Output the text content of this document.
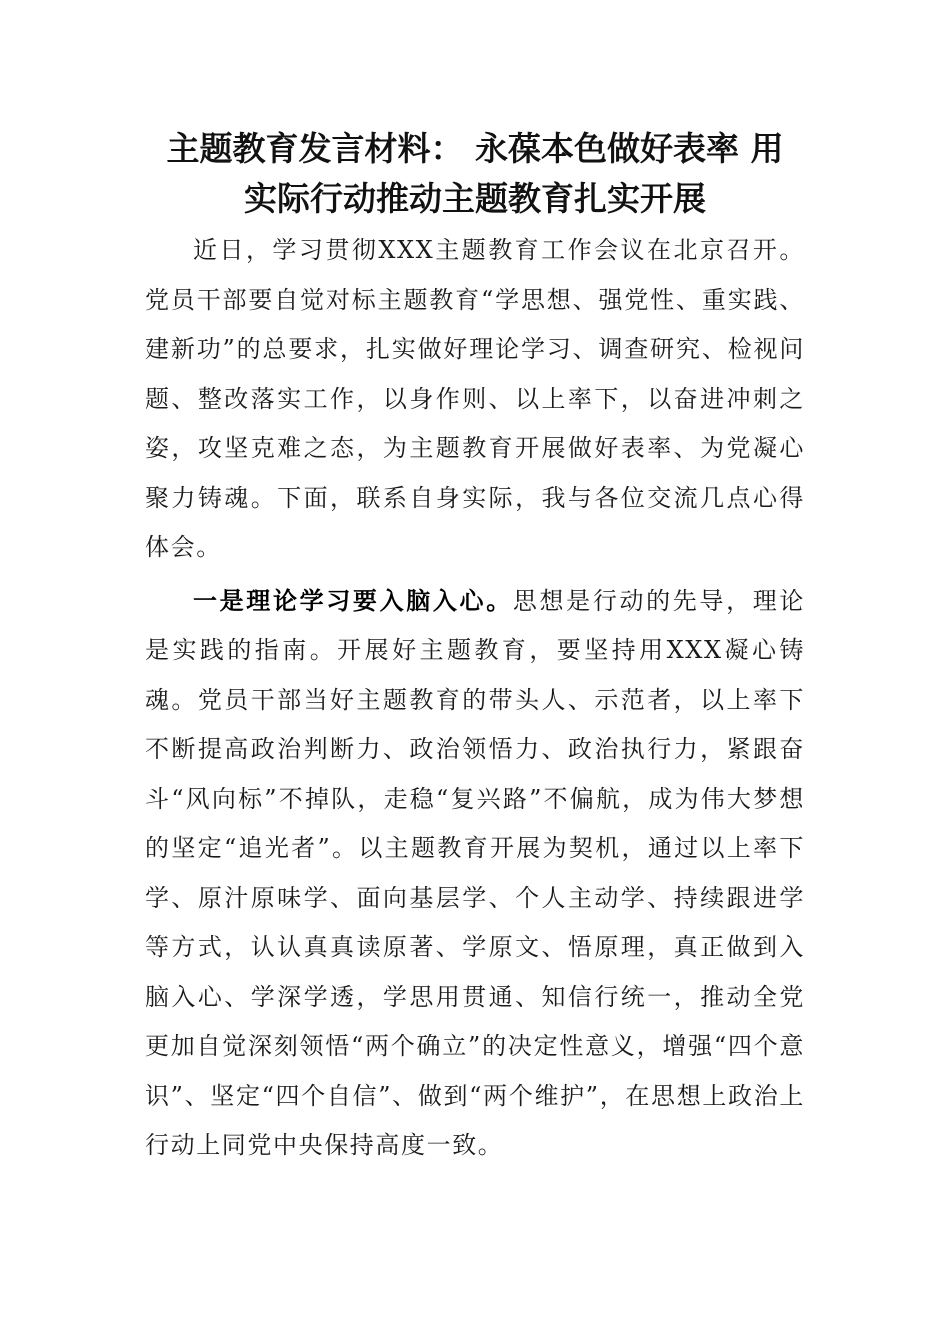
主题教育发言材料： 永葆本色做好表率 用
实际行动推动主题教育扎实开展

近日，学习贯彻XXX主题教育工作会议在北京召开。党员干部要自觉对标主题教育“学思想、强党性、重实践、建新功”的总要求，扎实做好理论学习、调查研究、检视问题、整改落实工作，以身作则、以上率下，以奋进冲刺之姿，攻坚克难之态，为主题教育开展做好表率、为党凝心聚力铸魂。下面，联系自身实际，我与各位交流几点心得体会。

一是理论学习要入脑入心。思想是行动的先导，理论是实践的指南。开展好主题教育，要坚持用XXX凝心铸魂。党员干部当好主题教育的带头人、示范者，以上率下不断提高政治判断力、政治领悟力、政治执行力，紧跟奋斗“风向标”不掉队，走稳“复兴路”不偏航，成为伟大梦想的坚定“追光者”。以主题教育开展为契机，通过以上率下学、原汁原味学、面向基层学、个人主动学、持续跟进学等方式，认认真真读原著、学原文、悟原理，真正做到入脑入心、学深学透，学思用贯通、知信行统一，推动全党更加自觉深刻领悟“两个确立”的决定性意义，增强“四个意识”、坚定“四个自信”、做到“两个维护”，在思想上政治上行动上同党中央保持高度一致。
